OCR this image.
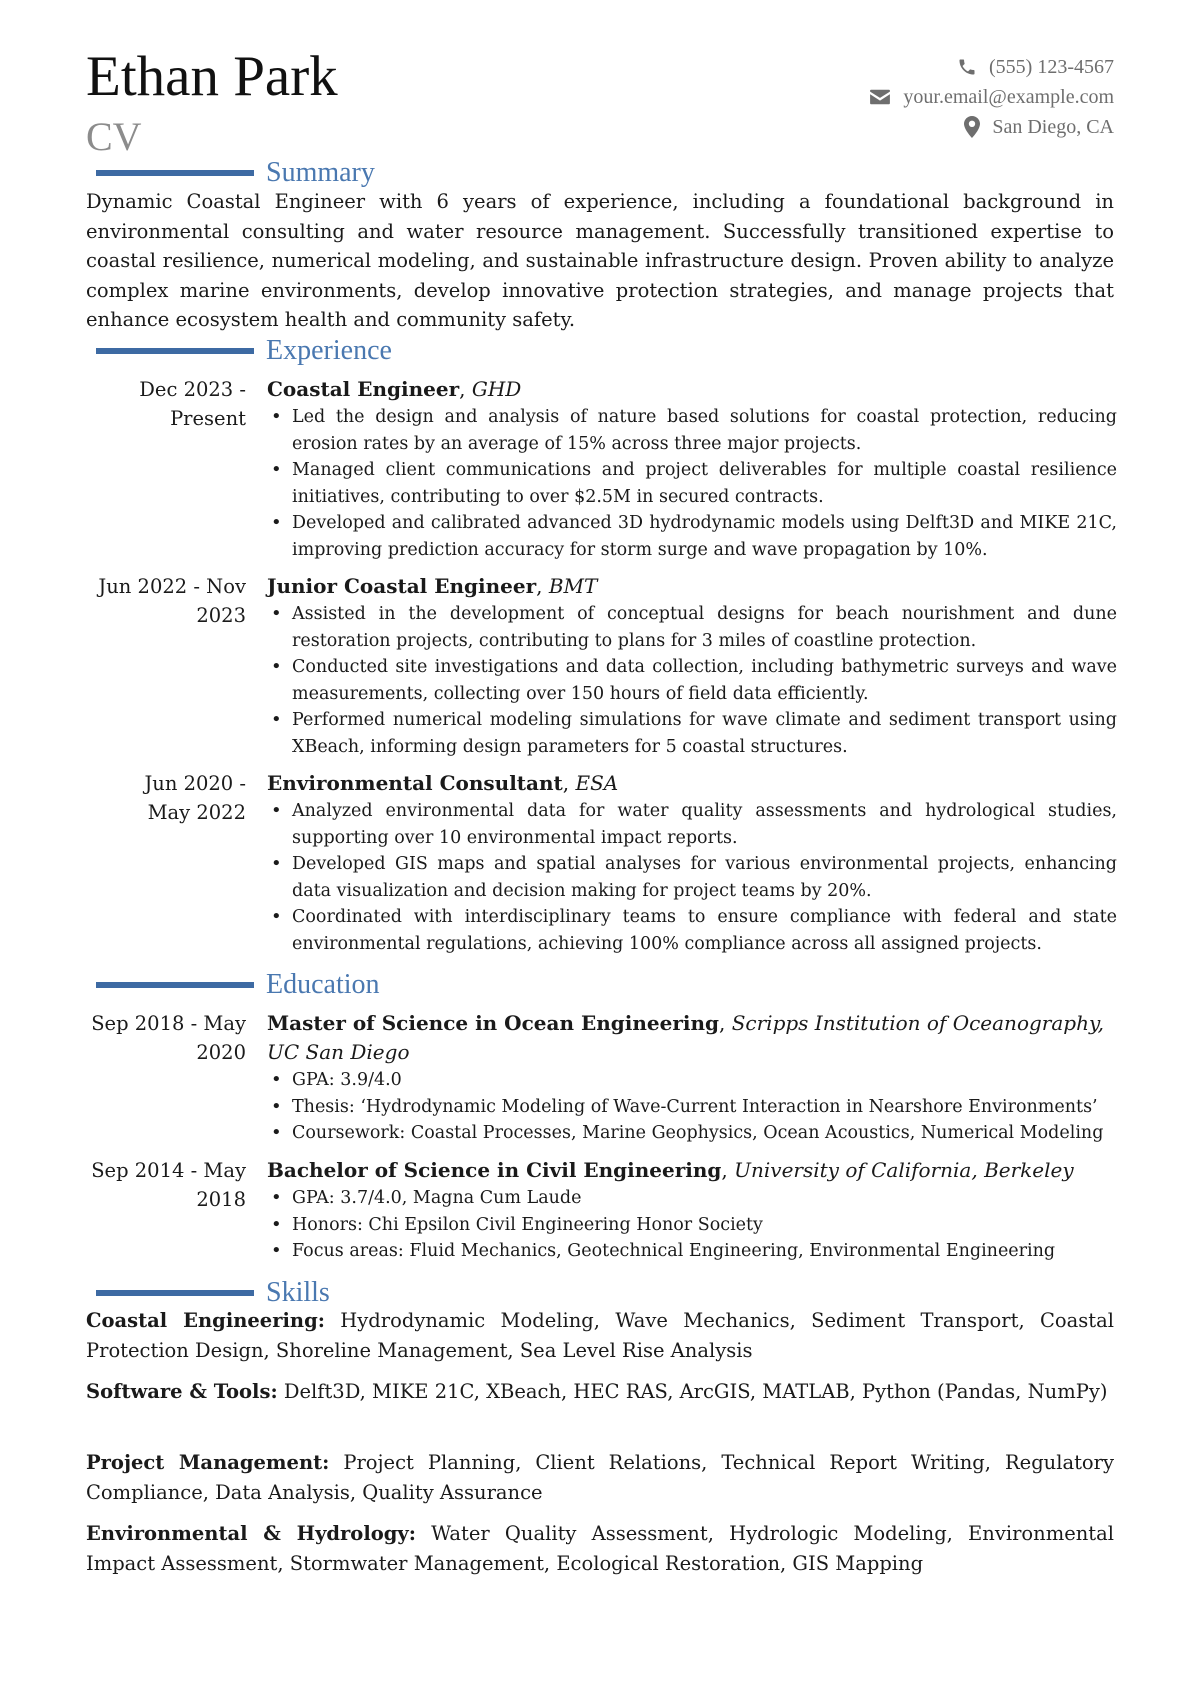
Ethan Park
CV
(555) 123-4567
your.email@example.com
San Diego, CA
Summary
Dynamic Coastal Engineer with 6 years of experience, including a foundational background in environmental consulting and water resource management. Successfully transitioned expertise to coastal resilience, numerical modeling, and sustainable infrastructure design. Proven ability to analyze complex marine environments, develop innovative protection strategies, and manage projects that enhance ecosystem health and community safety.
Experience
Dec 2023 -
Present
Coastal Engineer, GHD
• Led the design and analysis of nature based solutions for coastal protection, reducing erosion rates by an average of 15% across three major projects.
• Managed client communications and project deliverables for multiple coastal resilience initiatives, contributing to over $2.5M in secured contracts.
• Developed and calibrated advanced 3D hydrodynamic models using Delft3D and MIKE 21C, improving prediction accuracy for storm surge and wave propagation by 10%.
Jun 2022 - Nov
2023
Junior Coastal Engineer, BMT
• Assisted in the development of conceptual designs for beach nourishment and dune restoration projects, contributing to plans for 3 miles of coastline protection.
• Conducted site investigations and data collection, including bathymetric surveys and wave measurements, collecting over 150 hours of field data efficiently.
• Performed numerical modeling simulations for wave climate and sediment transport using XBeach, informing design parameters for 5 coastal structures.
Jun 2020 -
May 2022
Environmental Consultant, ESA
• Analyzed environmental data for water quality assessments and hydrological studies, supporting over 10 environmental impact reports.
• Developed GIS maps and spatial analyses for various environmental projects, enhancing data visualization and decision making for project teams by 20%.
• Coordinated with interdisciplinary teams to ensure compliance with federal and state environmental regulations, achieving 100% compliance across all assigned projects.
Education
Sep 2018 - May
2020
Master of Science in Ocean Engineering, Scripps Institution of Oceanography, UC San Diego
• GPA: 3.9/4.0
• Thesis: ‘Hydrodynamic Modeling of Wave-Current Interaction in Nearshore Environments’
• Coursework: Coastal Processes, Marine Geophysics, Ocean Acoustics, Numerical Modeling
Sep 2014 - May
2018
Bachelor of Science in Civil Engineering, University of California, Berkeley
• GPA: 3.7/4.0, Magna Cum Laude
• Honors: Chi Epsilon Civil Engineering Honor Society
• Focus areas: Fluid Mechanics, Geotechnical Engineering, Environmental Engineering
Skills
Coastal Engineering: Hydrodynamic Modeling, Wave Mechanics, Sediment Transport, Coastal Protection Design, Shoreline Management, Sea Level Rise Analysis
Software & Tools: Delft3D, MIKE 21C, XBeach, HEC RAS, ArcGIS, MATLAB, Python (Pandas, NumPy)
Project Management: Project Planning, Client Relations, Technical Report Writing, Regulatory Compliance, Data Analysis, Quality Assurance
Environmental & Hydrology: Water Quality Assessment, Hydrologic Modeling, Environmental Impact Assessment, Stormwater Management, Ecological Restoration, GIS Mapping
